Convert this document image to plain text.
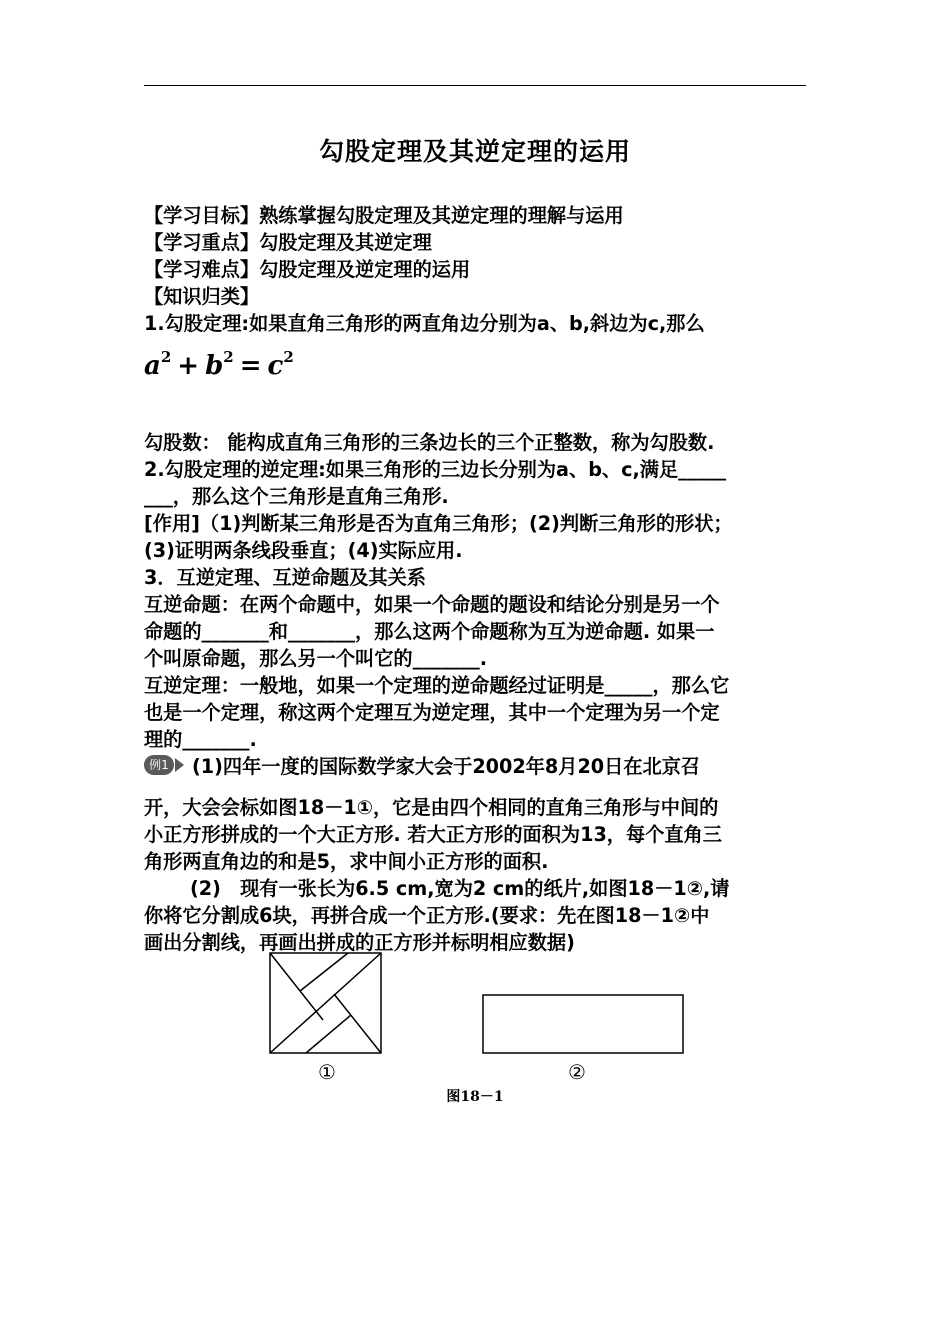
勾股定理及其逆定理的运用

【学习目标】熟练掌握勾股定理及其逆定理的理解与运用

【学习重点】勾股定理及其逆定理

【学习难点】勾股定理及逆定理的运用

【知识归类】

1.勾股定理:如果直角三角形的两直角边分别为a、b,斜边为c,那么

$a^2 + b^2 = c^2$

勾股数： 能构成直角三角形的三条边长的三个正整数，称为勾股数.

2.勾股定理的逆定理:如果三角形的三边长分别为a、b、c,满足_____

___，那么这个三角形是直角三角形.

[作用]（1)判断某三角形是否为直角三角形；(2)判断三角形的形状；

(3)证明两条线段垂直；(4)实际应用.

3．互逆定理、互逆命题及其关系

互逆命题：在两个命题中，如果一个命题的题设和结论分别是另一个

命题的_______和_______，那么这两个命题称为互为逆命题. 如果一

个叫原命题，那么另一个叫它的_______.

互逆定理：一般地，如果一个定理的逆命题经过证明是_____，那么它

也是一个定理，称这两个定理互为逆定理，其中一个定理为另一个定

理的_______.

例1 (1)四年一度的国际数学家大会于2002年8月20日在北京召

开，大会会标如图18－1①，它是由四个相同的直角三角形与中间的

小正方形拼成的一个大正方形. 若大正方形的面积为13，每个直角三

角形两直角边的和是5，求中间小正方形的面积.

(2)　现有一张长为6.5 cm,宽为2 cm的纸片,如图18－1②,请

你将它分割成6块，再拼合成一个正方形.(要求：先在图18－1②中

画出分割线，再画出拼成的正方形并标明相应数据)

①	②
图18－1
